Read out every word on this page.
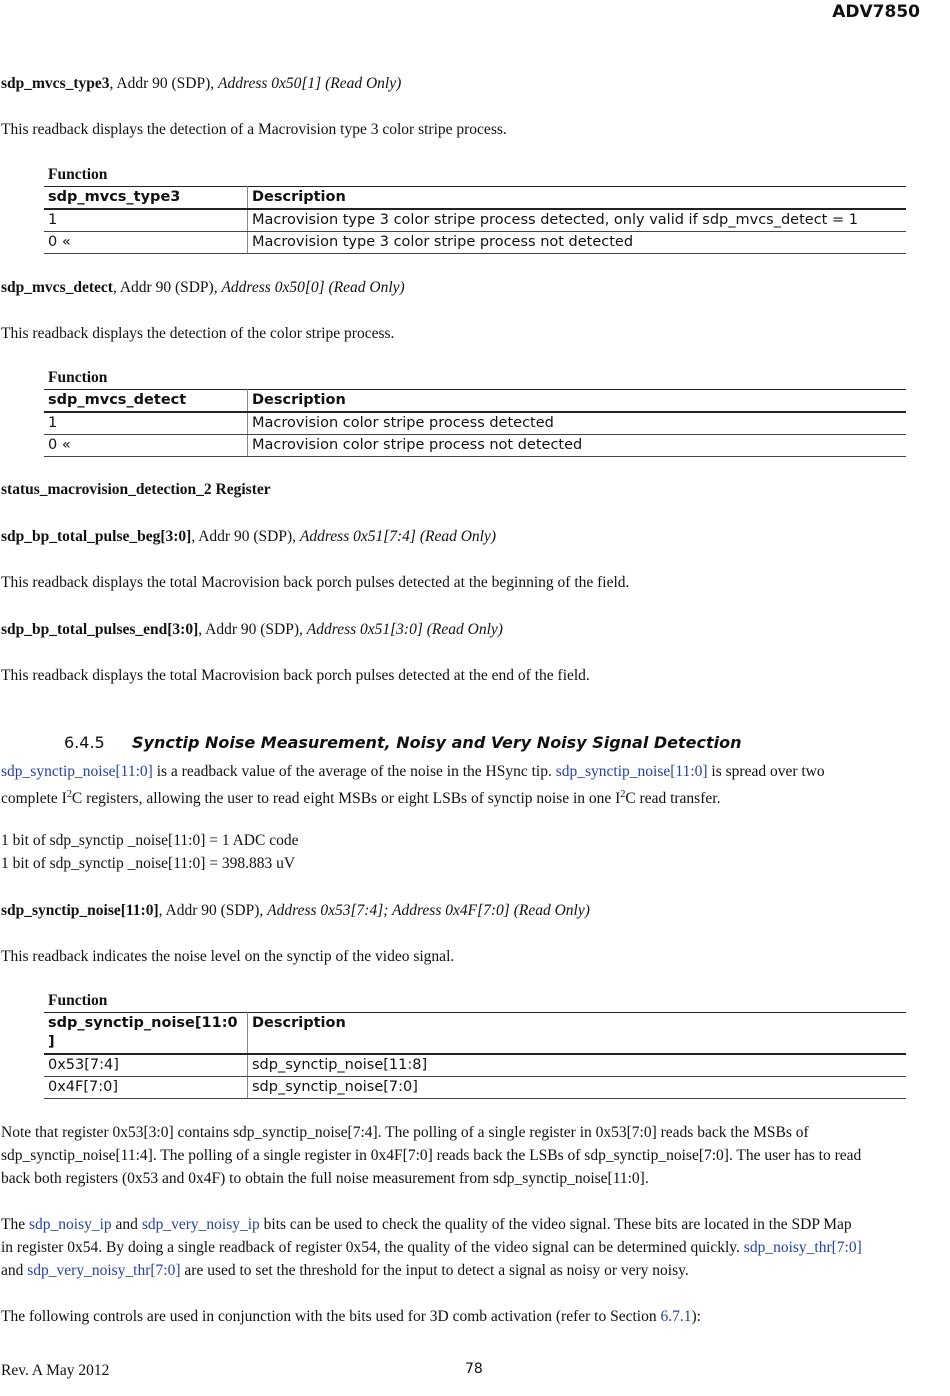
ADV7850
sdp_mvcs_type3, Addr 90 (SDP), Address 0x50[1] (Read Only)
This readback displays the detection of a Macrovision type 3 color stripe process.
Function
sdp_mvcs_type3	Description
1	Macrovision type 3 color stripe process detected, only valid if sdp_mvcs_detect = 1
0 «	Macrovision type 3 color stripe process not detected
sdp_mvcs_detect, Addr 90 (SDP), Address 0x50[0] (Read Only)
This readback displays the detection of the color stripe process.
Function
sdp_mvcs_detect	Description
1	Macrovision color stripe process detected
0 «	Macrovision color stripe process not detected
status_macrovision_detection_2 Register
sdp_bp_total_pulse_beg[3:0], Addr 90 (SDP), Address 0x51[7:4] (Read Only)
This readback displays the total Macrovision back porch pulses detected at the beginning of the field.
sdp_bp_total_pulses_end[3:0], Addr 90 (SDP), Address 0x51[3:0] (Read Only)
This readback displays the total Macrovision back porch pulses detected at the end of the field.
6.4.5 Synctip Noise Measurement, Noisy and Very Noisy Signal Detection
sdp_synctip_noise[11:0] is a readback value of the average of the noise in the HSync tip. sdp_synctip_noise[11:0] is spread over two
complete $I^2C$ registers, allowing the user to read eight MSBs or eight LSBs of synctip noise in one $I^2C$ read transfer.
1 bit of sdp_synctip _noise[11:0] = 1 ADC code
1 bit of sdp_synctip _noise[11:0] = 398.883 uV
sdp_synctip_noise[11:0], Addr 90 (SDP), Address 0x53[7:4]; Address 0x4F[7:0] (Read Only)
This readback indicates the noise level on the synctip of the video signal.
Function
sdp_synctip_noise[11:0
]	Description
0x53[7:4]	sdp_synctip_noise[11:8]
0x4F[7:0]	sdp_synctip_noise[7:0]
Note that register 0x53[3:0] contains sdp_synctip_noise[7:4]. The polling of a single register in 0x53[7:0] reads back the MSBs of
sdp_synctip_noise[11:4]. The polling of a single register in 0x4F[7:0] reads back the LSBs of sdp_synctip_noise[7:0]. The user has to read
back both registers (0x53 and 0x4F) to obtain the full noise measurement from sdp_synctip_noise[11:0].
The sdp_noisy_ip and sdp_very_noisy_ip bits can be used to check the quality of the video signal. These bits are located in the SDP Map
in register 0x54. By doing a single readback of register 0x54, the quality of the video signal can be determined quickly. sdp_noisy_thr[7:0]
and sdp_very_noisy_thr[7:0] are used to set the threshold for the input to detect a signal as noisy or very noisy.
The following controls are used in conjunction with the bits used for 3D comb activation (refer to Section 6.7.1):
Rev. A May 2012	78
